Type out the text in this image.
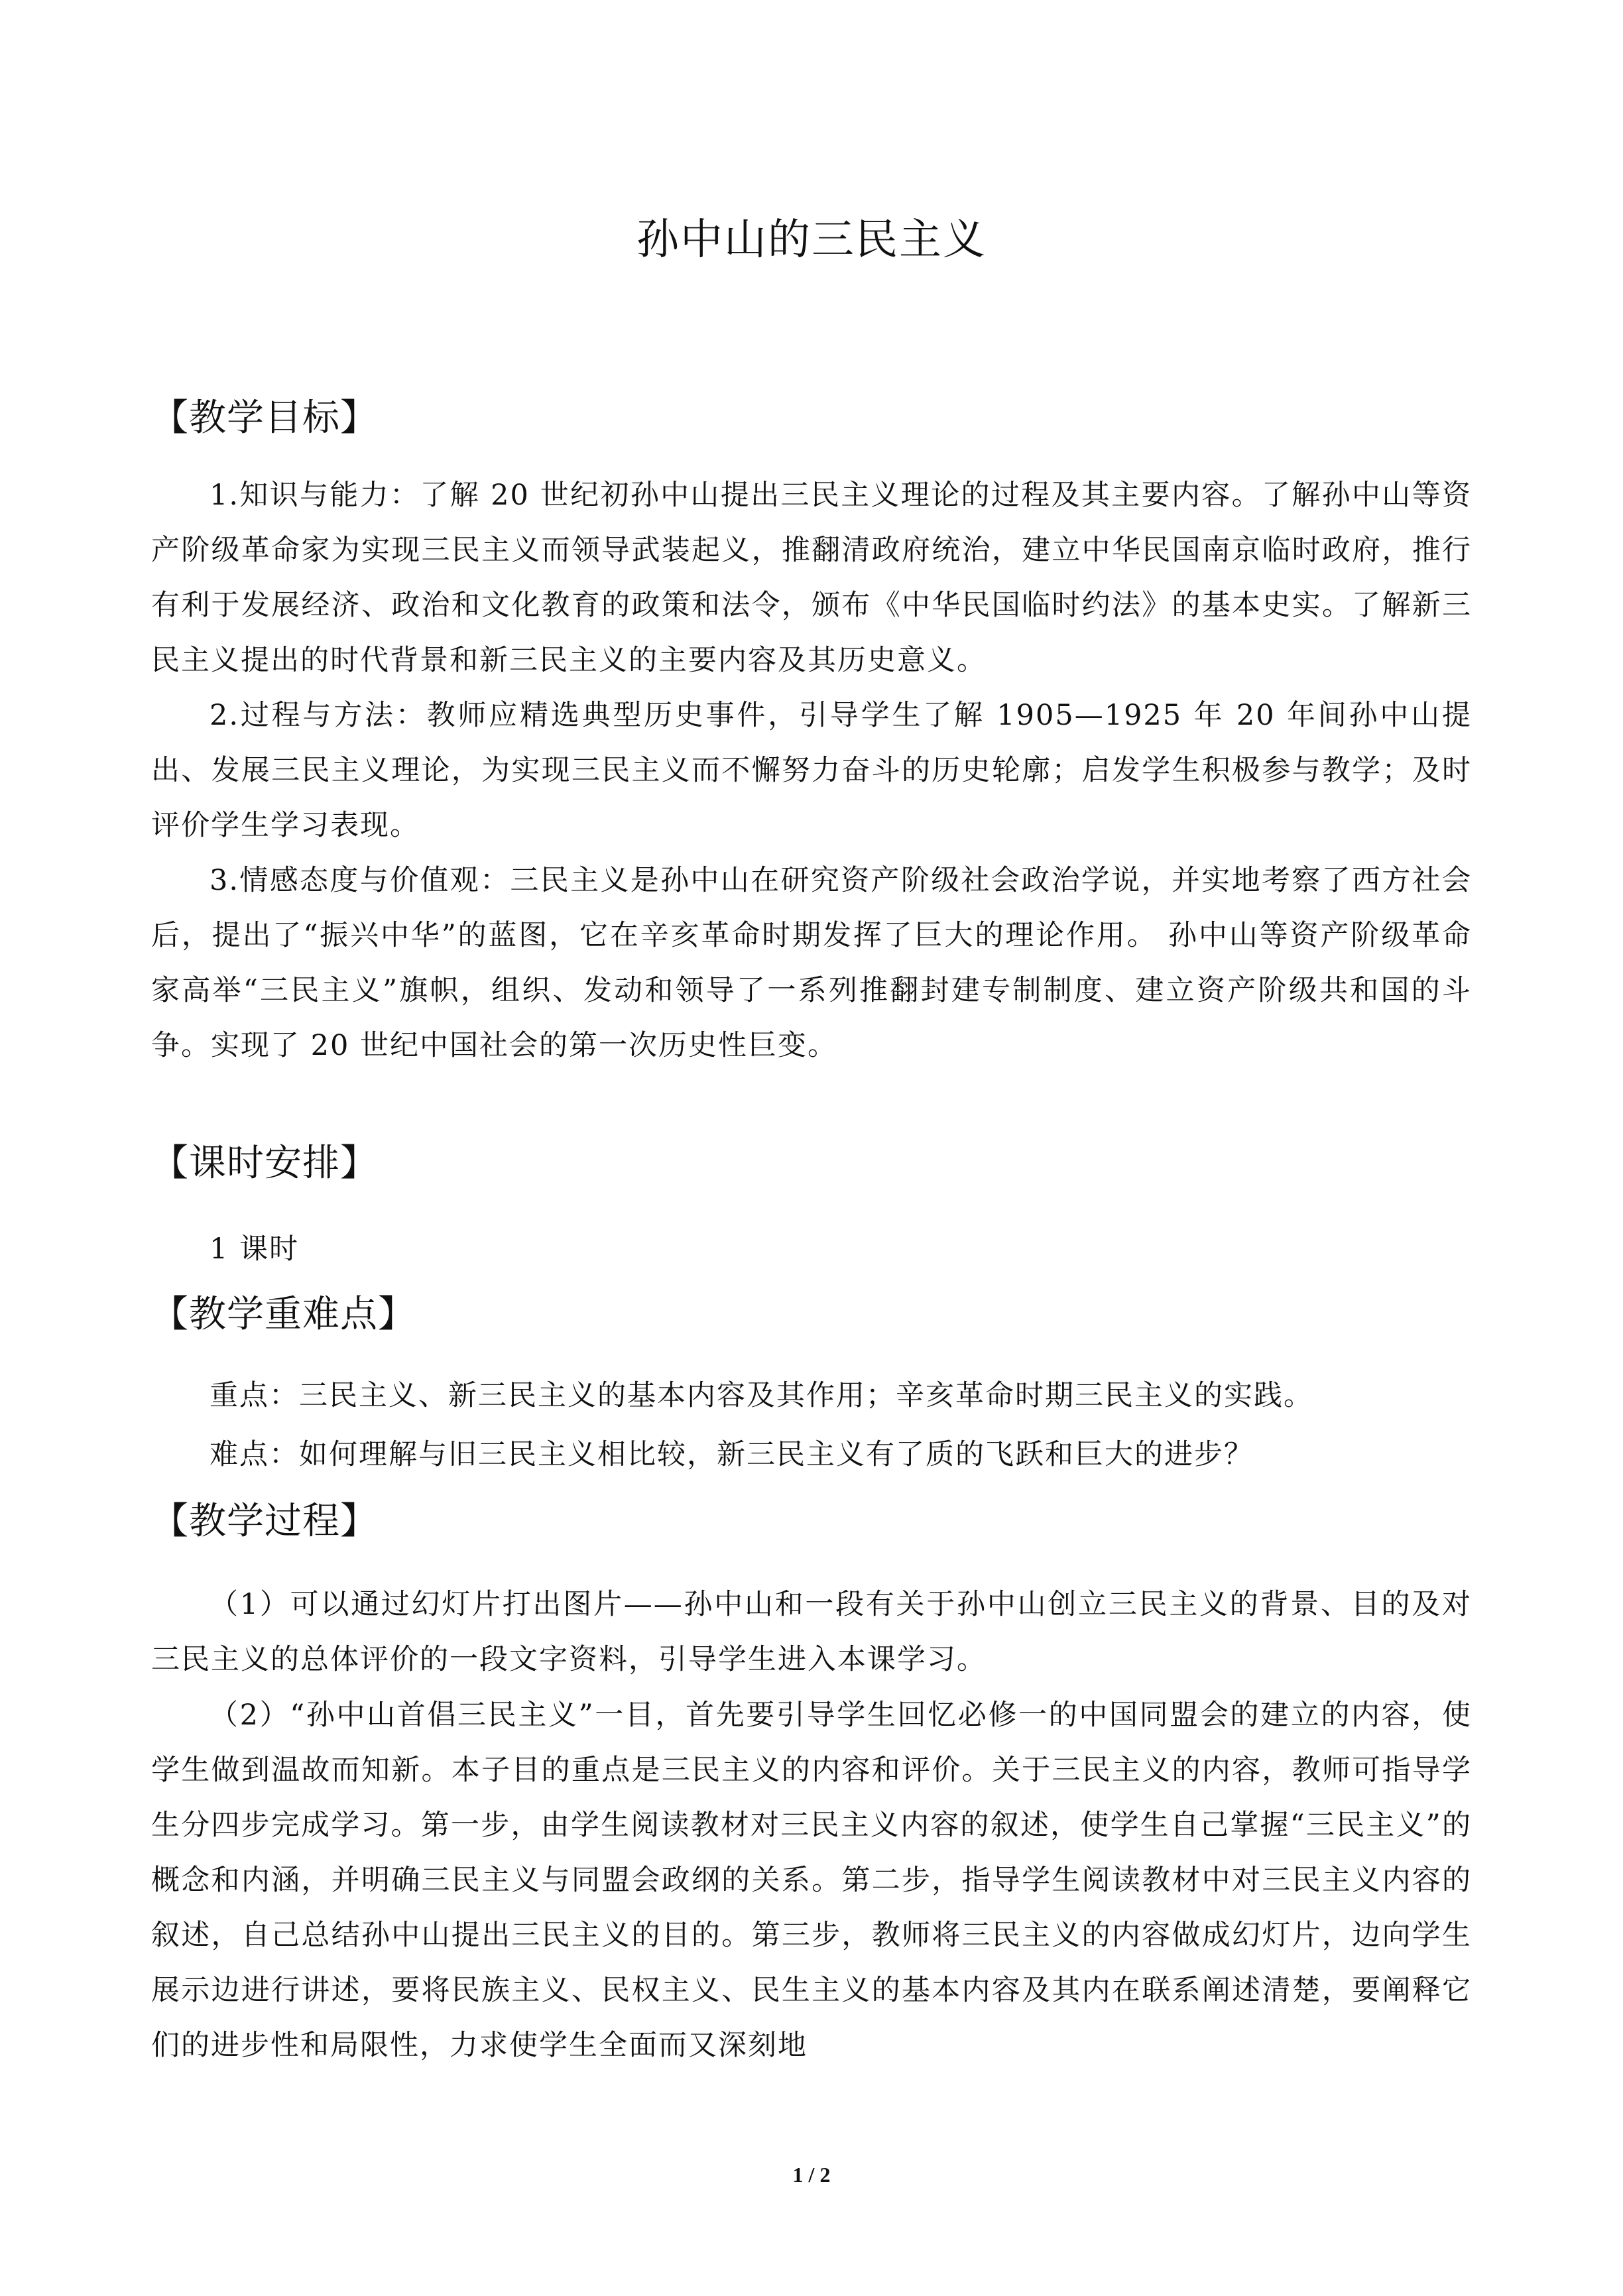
孙中山的三民主义
【教学目标】
1.知识与能力：了解 20 世纪初孙中山提出三民主义理论的过程及其主要内容。了解孙中山等资产阶级革命家为实现三民主义而领导武装起义，推翻清政府统治，建立中华民国南京临时政府，推行有利于发展经济、政治和文化教育的政策和法令，颁布《中华民国临时约法》的基本史实。了解新三民主义提出的时代背景和新三民主义的主要内容及其历史意义。
2.过程与方法：教师应精选典型历史事件，引导学生了解 1905—1925 年 20 年间孙中山提出、发展三民主义理论，为实现三民主义而不懈努力奋斗的历史轮廓；启发学生积极参与教学；及时评价学生学习表现。
3.情感态度与价值观：三民主义是孙中山在研究资产阶级社会政治学说，并实地考察了西方社会后，提出了“振兴中华”的蓝图，它在辛亥革命时期发挥了巨大的理论作用。 孙中山等资产阶级革命家高举“三民主义”旗帜，组织、发动和领导了一系列推翻封建专制制度、建立资产阶级共和国的斗争。实现了 20 世纪中国社会的第一次历史性巨变。
【课时安排】
1 课时
【教学重难点】
重点：三民主义、新三民主义的基本内容及其作用；辛亥革命时期三民主义的实践。
难点：如何理解与旧三民主义相比较，新三民主义有了质的飞跃和巨大的进步？
【教学过程】
（1）可以通过幻灯片打出图片——孙中山和一段有关于孙中山创立三民主义的背景、目的及对三民主义的总体评价的一段文字资料，引导学生进入本课学习。
（2）“孙中山首倡三民主义”一目，首先要引导学生回忆必修一的中国同盟会的建立的内容，使学生做到温故而知新。本子目的重点是三民主义的内容和评价。关于三民主义的内容，教师可指导学生分四步完成学习。第一步，由学生阅读教材对三民主义内容的叙述，使学生自己掌握“三民主义”的概念和内涵，并明确三民主义与同盟会政纲的关系。第二步，指导学生阅读教材中对三民主义内容的叙述，自己总结孙中山提出三民主义的目的。第三步，教师将三民主义的内容做成幻灯片，边向学生展示边进行讲述，要将民族主义、民权主义、民生主义的基本内容及其内在联系阐述清楚，要阐释它们的进步性和局限性，力求使学生全面而又深刻地
1 / 2
